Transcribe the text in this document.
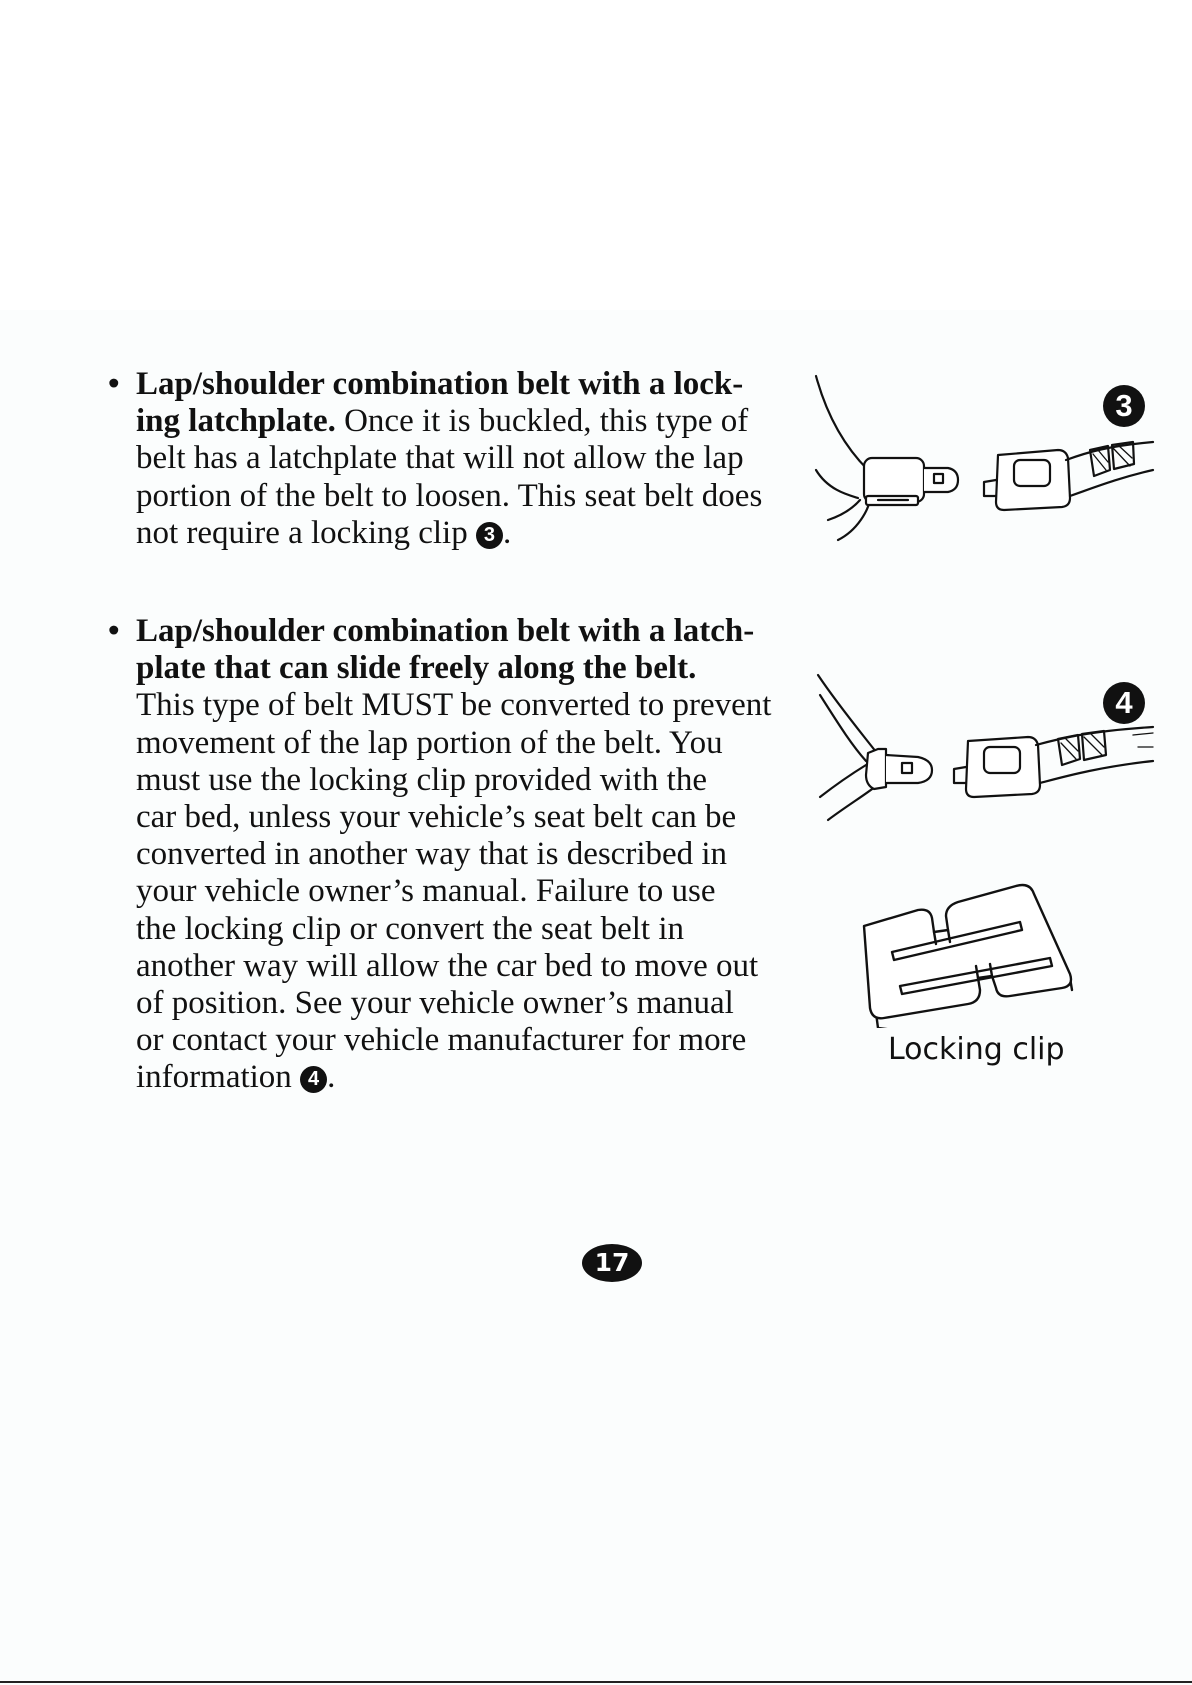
• Lap/shoulder combination belt with a lock-
ing latchplate. Once it is buckled, this type of
belt has a latchplate that will not allow the lap
portion of the belt to loosen. This seat belt does
not require a locking clip 3 .
• Lap/shoulder combination belt with a latch-
plate that can slide freely along the belt.
This type of belt MUST be converted to prevent
movement of the lap portion of the belt. You
must use the locking clip provided with the
car bed, unless your vehicle’s seat belt can be
converted in another way that is described in
your vehicle owner’s manual. Failure to use
the locking clip or convert the seat belt in
another way will allow the car bed to move out
of position. See your vehicle owner’s manual
or contact your vehicle manufacturer for more
information 4 .
3
4
Locking clip
17
